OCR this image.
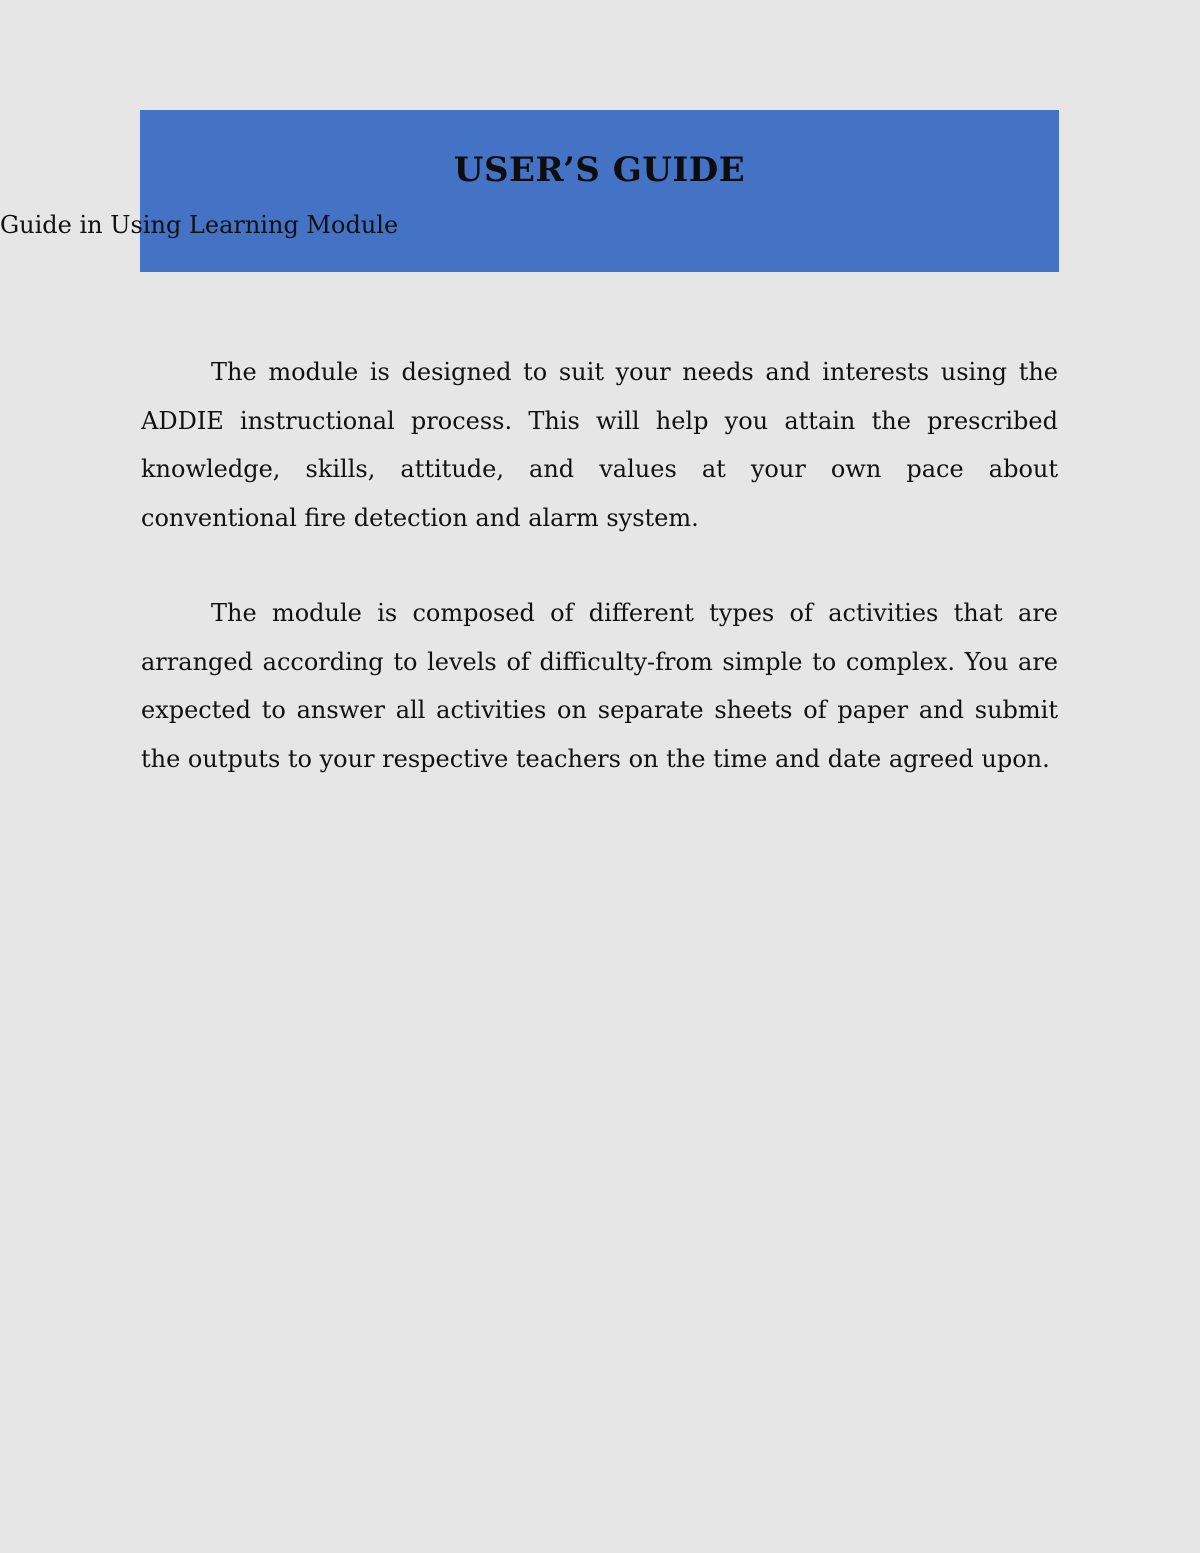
USER’S GUIDE

Guide in Using Learning Module

The module is designed to suit your needs and interests using the ADDIE instructional process. This will help you attain the prescribed knowledge, skills, attitude, and values at your own pace about conventional fire detection and alarm system.

The module is composed of different types of activities that are arranged according to levels of difficulty-from simple to complex. You are expected to answer all activities on separate sheets of paper and submit the outputs to your respective teachers on the time and date agreed upon.
